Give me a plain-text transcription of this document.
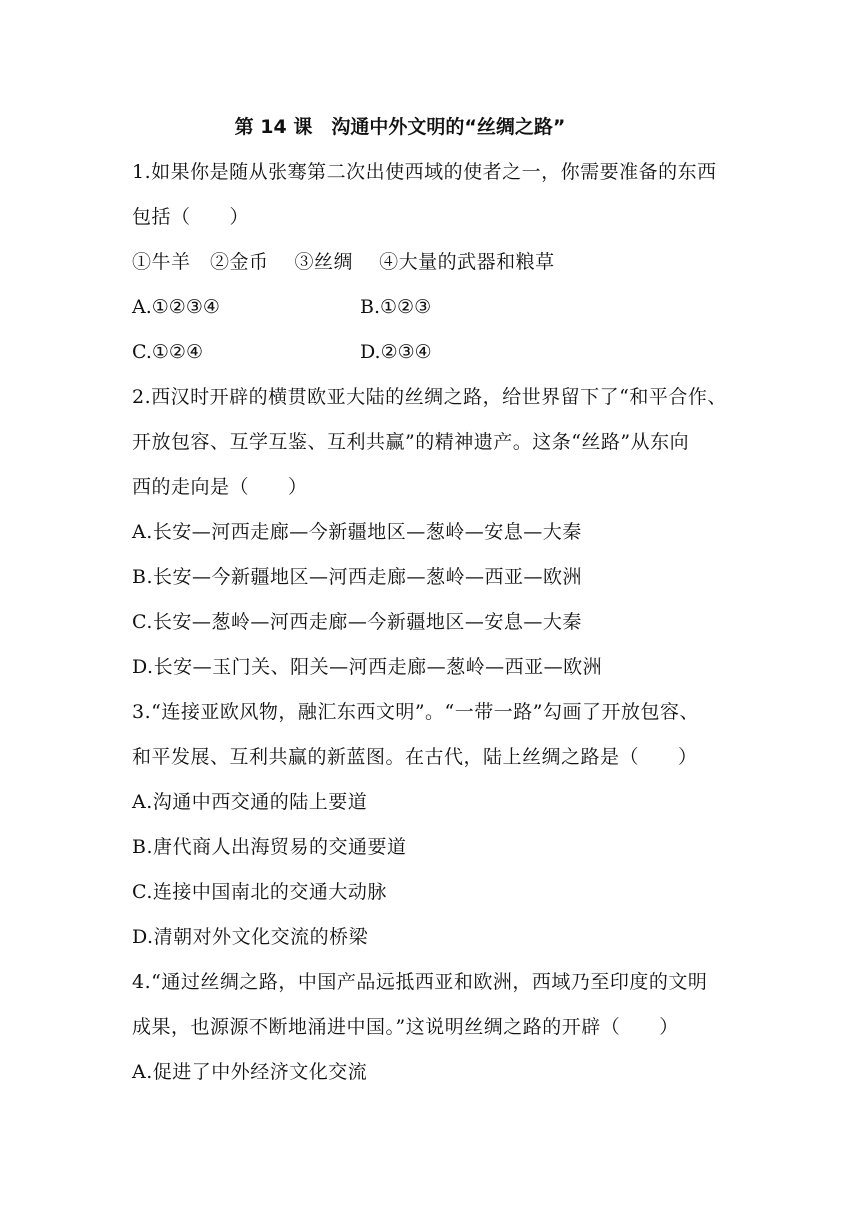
第 14 课　沟通中外文明的“丝绸之路”
1.如果你是随从张骞第二次出使西域的使者之一，你需要准备的东西
包括（　　）
①牛羊　②金币　 ③丝绸　 ④大量的武器和粮草
A.①②③④	B.①②③
C.①②④	D.②③④
2.西汉时开辟的横贯欧亚大陆的丝绸之路，给世界留下了“和平合作、
开放包容、互学互鉴、互利共赢”的精神遗产。这条“丝路”从东向
西的走向是（　　）
A.长安—河西走廊—今新疆地区—葱岭—安息—大秦
B.长安—今新疆地区—河西走廊—葱岭—西亚—欧洲
C.长安—葱岭—河西走廊—今新疆地区—安息—大秦
D.长安—玉门关、阳关—河西走廊—葱岭—西亚—欧洲
3.“连接亚欧风物，融汇东西文明”。“一带一路”勾画了开放包容、
和平发展、互利共赢的新蓝图。在古代，陆上丝绸之路是（　　）
A.沟通中西交通的陆上要道
B.唐代商人出海贸易的交通要道
C.连接中国南北的交通大动脉
D.清朝对外文化交流的桥梁
4.“通过丝绸之路，中国产品远抵西亚和欧洲，西域乃至印度的文明
成果，也源源不断地涌进中国。”这说明丝绸之路的开辟（　　）
A.促进了中外经济文化交流
